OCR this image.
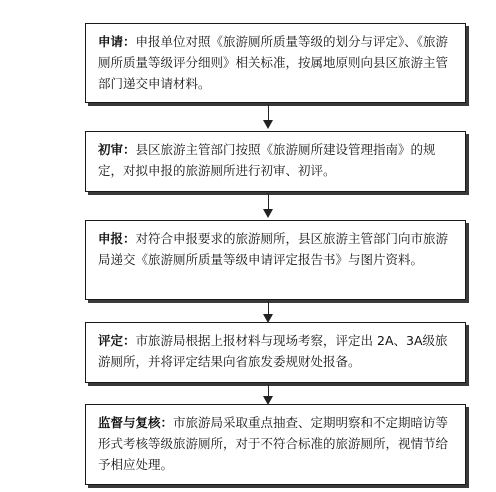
申请：申报单位对照《旅游厕所质量等级的划分与评定》、《旅游厕所质量等级评分细则》相关标准，按属地原则向县区旅游主管部门递交申请材料。
初审：县区旅游主管部门按照《旅游厕所建设管理指南》的规定，对拟申报的旅游厕所进行初审、初评。
申报：对符合申报要求的旅游厕所，县区旅游主管部门向市旅游局递交《旅游厕所质量等级申请评定报告书》与图片资料。
评定：市旅游局根据上报材料与现场考察，评定出 2A、3A级旅游厕所，并将评定结果向省旅发委规财处报备。
监督与复核：市旅游局采取重点抽查、定期明察和不定期暗访等形式考核等级旅游厕所，对于不符合标准的旅游厕所，视情节给予相应处理。
